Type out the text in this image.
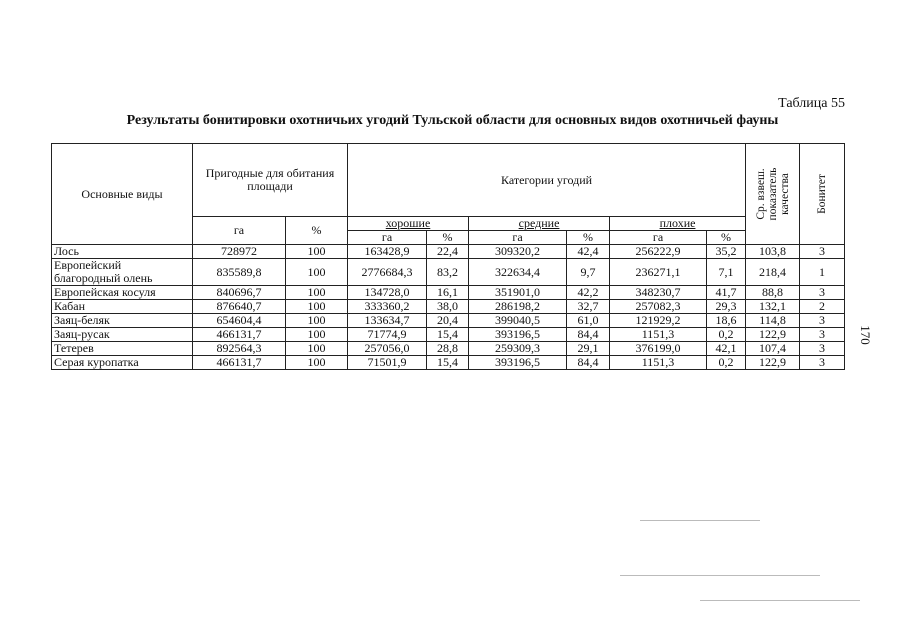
Таблица 55
Результаты бонитировки охотничьих угодий Тульской области для основных видов охотничьей фауны
170
Основные виды	Пригодные для обитания площади		Категории угодий						Ср. взвеш. показатель качества	Бонитет

	га	%	хорошие		средние		плохие			
			га	%	га	%	га	%		
Лось	728972	100	163428,9	22,4	309320,2	42,4	256222,9	35,2	103,8	3
Европейский благородный олень	835589,8	100	2776684,3	83,2	322634,4	9,7	236271,1	7,1	218,4	1
Европейская косуля	840696,7	100	134728,0	16,1	351901,0	42,2	348230,7	41,7	88,8	3
Кабан	876640,7	100	333360,2	38,0	286198,2	32,7	257082,3	29,3	132,1	2
Заяц-беляк	654604,4	100	133634,7	20,4	399040,5	61,0	121929,2	18,6	114,8	3
Заяц-русак	466131,7	100	71774,9	15,4	393196,5	84,4	1151,3	0,2	122,9	3
Тетерев	892564,3	100	257056,0	28,8	259309,3	29,1	376199,0	42,1	107,4	3
Серая куропатка	466131,7	100	71501,9	15,4	393196,5	84,4	1151,3	0,2	122,9	3
